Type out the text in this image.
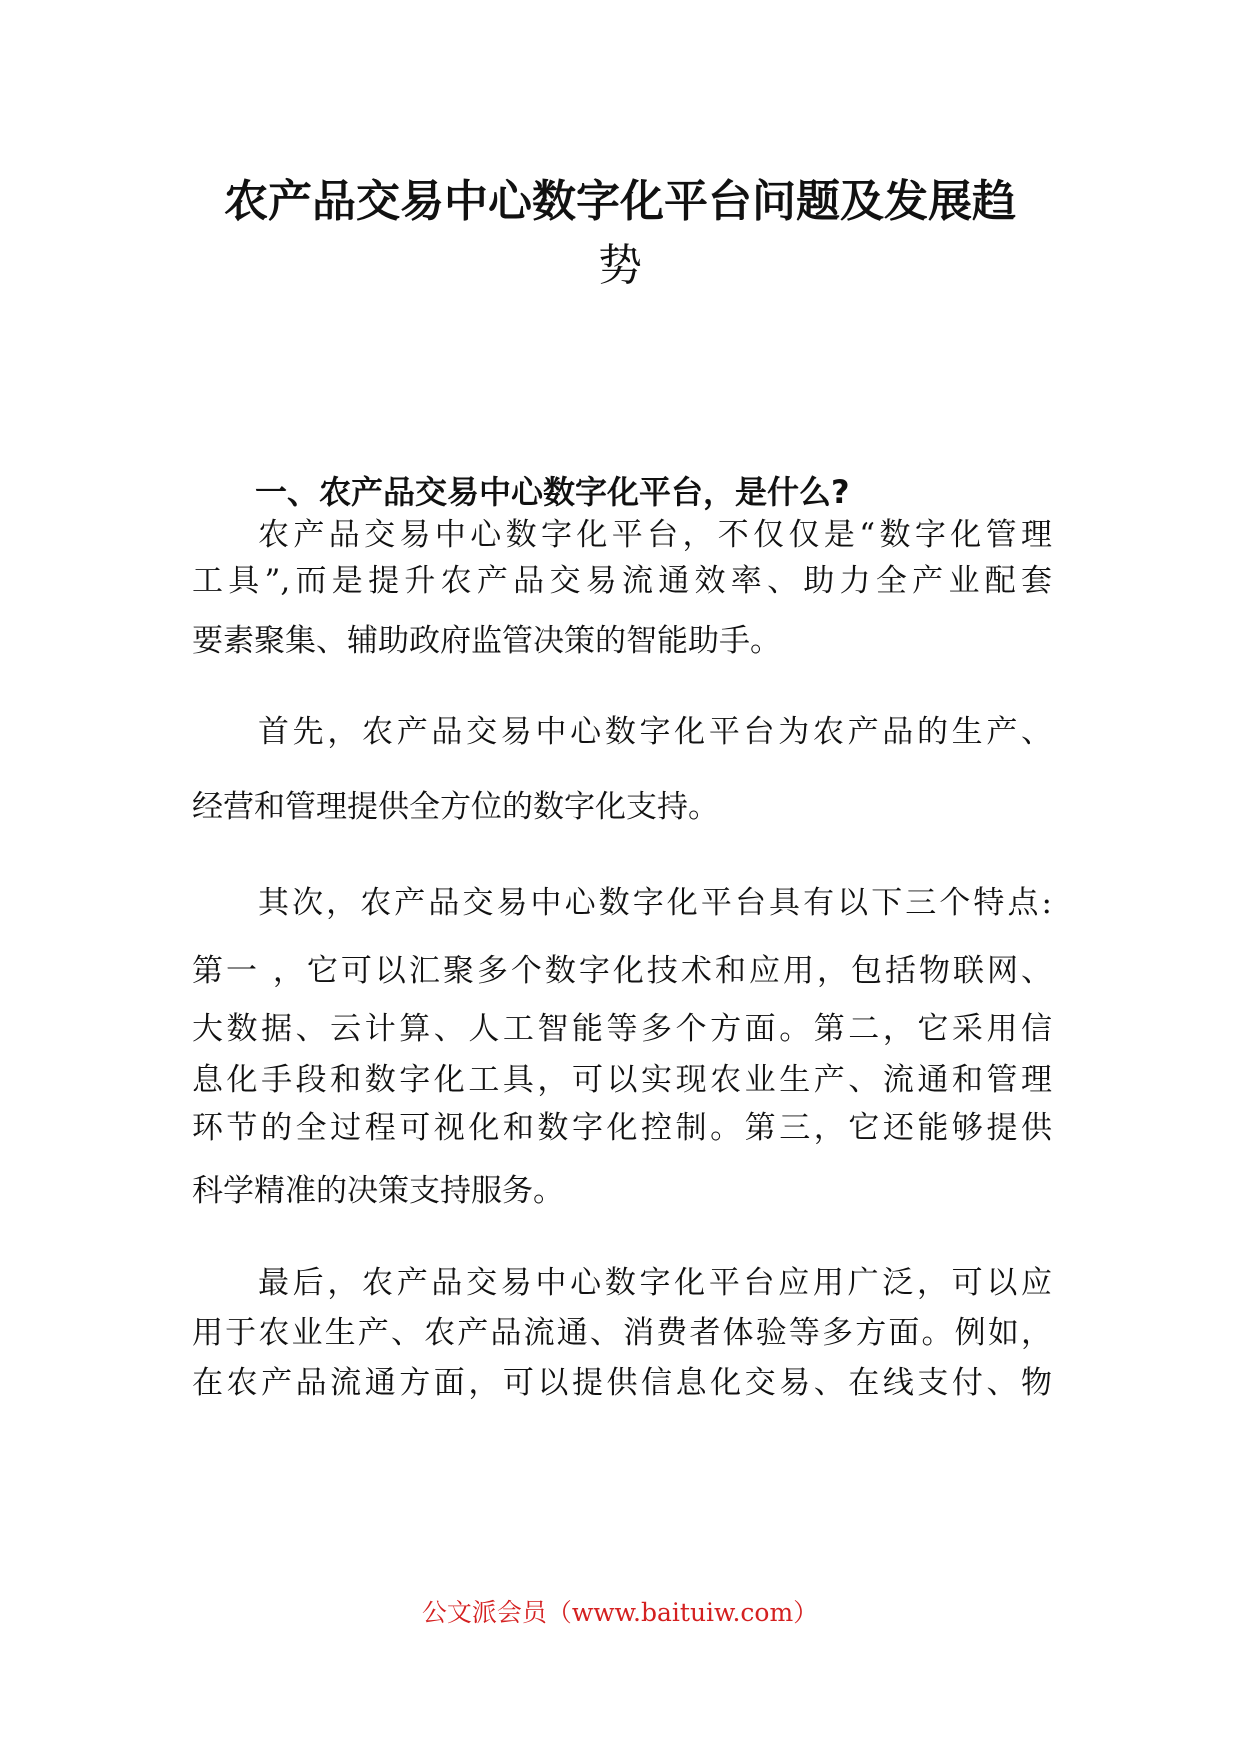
农产品交易中心数字化平台问题及发展趋
势
一、农产品交易中心数字化平台，是什么?

农产品交易中心数字化平台，不仅仅是“数字化管理

工具”,而是提升农产品交易流通效率、助力全产业配套

要素聚集、辅助政府监管决策的智能助手。

首先，农产品交易中心数字化平台为农产品的生产、

经营和管理提供全方位的数字化支持。

其次，农产品交易中心数字化平台具有以下三个特点:

第一 ，它可以汇聚多个数字化技术和应用，包括物联网、

大数据、云计算、人工智能等多个方面。第二，它采用信

息化手段和数字化工具，可以实现农业生产、流通和管理

环节的全过程可视化和数字化控制。第三，它还能够提供

科学精准的决策支持服务。

最后，农产品交易中心数字化平台应用广泛，可以应

用于农业生产、农产品流通、消费者体验等多方面。例如，

在农产品流通方面，可以提供信息化交易、在线支付、物

公文派会员（www.baituiw.com）
